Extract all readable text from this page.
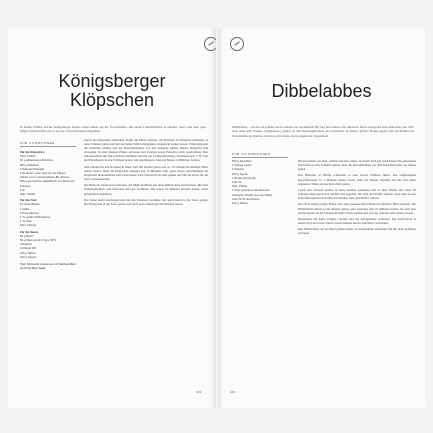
Königsberger
Klöpschen
In Kathis Familie machte Königsberger Klopse schon immer auf der Favoritenliste. Die zarten Fleischbällchen in pikanter Sauce und dazu ganz simple Salzkartoffeln gab es zu jeder sich bietenden Gelegenheit.
FÜR 4 PORTIONEN
Für die Klöpschen
150 ml Milch
30 g altbackenes Brötchen
500 g Zwiebeln
5 Stängel Petersilie
1 EL Butter, plus mehr für die Pfanne
Abrieb von 1 unbehandelten Bio-Zitrone
500 g gemischtes Hackfleisch von Rind und Schwein
1 Ei
Salz, Pfeffer
Für den Sud
8 Lorbeerblätter
1 Nelke
4 Pimentkörner
1 TL weiße Pfefferkörner
1 TL Salz
150 ml Essig
Für die Sauce
60 g Butter
50 g Weizenmehl (Type 405)
4 Eidotter
1/2 Bund Dill
125 g Sahne
100 g Kapern
Tipp: Schmeckt zusammen mit Salzkartoffeln und Rote Bete Salat.

Zuerst die Klöpschen zubereiten. Dafür die Milch erhitzen, das Brötchen in Scheiben schneiden, in einer Schüssel geben und mit der heißen Milch übergießen. Abgedeckt ziehen lassen. Währenddessen die Zwiebeln schälen und die Petersilienblätter von den Stängeln zupfen. Beides möglichst fein schneiden. In einer kleinen Pfanne zerlassen und Zwiebel sowie Petersilie darin anschwitzen. Den Zitronenabrieb mit den Zwiebeln einrühren und mit der Zwiebelmischung, Zitronenabrieb, 1 TL Salz und Hackfleisch in eine Schüssel geben. Gut durchkneten, dann die Masse zu Bällchen formen.

Alle Zutaten für den Kochsud in einen Topf mit Deckel geben und ca. 1/2 Stunde bei mittlerer Hitze ziehen lassen. Dann die Klöpschen einlegen und 15 Minuten sanft garen lassen. Anschließend die Klöpschen herausnehmen und warm halten. Den Sud durch ein Sieb gießen und 500 ml davon für die Sauce beiseitestellen.

Die Butter in einem Topf zerlassen, das Mehl einrühren und unter Rühren kurz anschwitzen. Mit dem beiseitegestellten Sud ablöschen und gut verrühren. Die Sauce 10 Minuten köcheln lassen, dabei gelegentlich umrühren.

Die Sahne leicht anschlagen und mit den Eidottern verrühren und den Kapern in die Sauce geben. Die Klöpschen in die Sauce geben und darin noch einmal gut durchziehen lassen.

163
Dibbelabbes
Dibbelabbes – was für ein schönes Wort! »Dibbe« ist saarländisch für Topf und »abbes« für abkratzen. Diese extragroße Kartoffelschale (seit 1991 auch unter dem Namen »Topfkratzer«) gehört zu den Nationalgerichten des Saarlandes. In unserer großen Pfanne gegart und anschließend in Tortenstücke geschnitten, macht es sich ebenso hervorragend auf Tapastellern.
FÜR 4-6 PORTIONEN
500 g Kartoffeln
1 Stange Lauch
1 Zwiebel
150 g Speck
1 Bio-Ei (Größe M)
2 EL Öl
Salz, Pfeffer
1 Prise geriebene Muskatnuss
schwarzer Pfeffer aus der Mühle
2 EL Öl für die Pfanne
100 g Sahne

Die Kartoffeln waschen, schälen und fein reiben. In einem Tuch gut ausdrücken. Die geriebenen Kartoffeln in eine Schüssel geben, dann die Kartoffelstärke aus dem Kartoffelwasser zur Masse geben.

Das Brötchen in Würfel schneiden, in eine zweite Schüssel füllen. Das aufgefangene Kartoffelwasser ca. 5 Minuten stehen lassen, dann das Wasser abgießen und die sich unten abgesetzte Stärke zu den Kartoffeln geben.

Lauch und Zwiebel putzen, in feine Streifen schneiden und in einer Pfanne mit etwas Öl anbraten. Den Speck fein würfeln und zugeben, mit Salz und Pfeffer würzen, dann alles zu den Kartoffeln geben und kräftig mit Muskat, Salz und Pfeffer würzen.

Das Öl in einem großen Bräter oder einer gusseisernen Pfanne bei mittlerer Hitze erhitzen. Die Dibbelabbes-Masse in die Pfanne geben, glatt streichen und 10 Minuten braten, bis sich eine schöne Kruste an der Unterseite bildet. Dann wenden und von der anderen Seite ebenso braten.

Inzwischen die Äpfel schälen, vierteln und das Kerngehäuse entfernen. Die Apfelviertel in einem Topf mit etwas Wasser weich dünsten und zu Apfelmus verarbeiten.

Den Dibbelabbes auf ein Brett gleiten lassen, in Tortenstücke schneiden und mit dem Apfelmus servieren.

164
